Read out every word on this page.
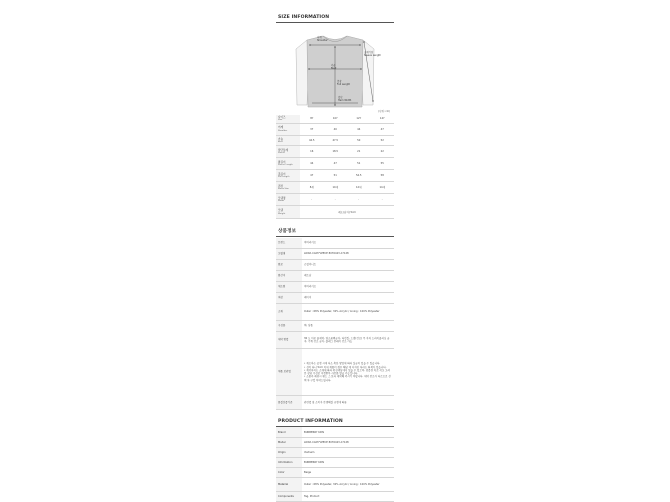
SIZE INFORMATION

어깨
Shoulder
소매기장
Sleeve Length
가슴
Bust
총장
Full Length
밑단
Hem Width
(단위: cm)
사이즈
Size	8Y	10Y	12Y	14Y

어깨
Shoulder	37	40	44	47

가슴
Bust	44.5	47.5	50	52

밑단둘레
Sleeve	16	18.5	21	22

팔길이
Sleeve Length	44	47	51	55

총길이
Full Length	47	51	54.5	58

권장
Korea Size	8세	10세	12세	14세

모델명
Model	-	-	-	-

모델
Weight	배도(남자) 5cm			

상품정보

브랜드	버버리키즈
모델명	LOWA CAM FLEECE 8076423 A7128
원료	근협의니트
원산지	베트남
제조원	버버리키즈
색상	베이지
소재	Outer : 68% Polyester, 32% Acrylic / Lining : 100% Polyester
구성품	택, 상품
세탁 방법	30 도 미온 물세탁, 염소표백금지, 다림질, 드럼(건조) 무 자차 드라이클리닝 금지, 기계 건조 금지, 플래그 본래의 건조 가능
제품 보관법	• 제조하는 공정 시에 다소 축한 방향에 따라 실금이 있을 수 있습니다.
• 선의 다니 5cm 이내 제품의 경우 해당 제 디자인 처리는 회색가 있습니다.
• 제작하지는 소재에 따라 촉진색상에서 있을 수 있으며, 검증된 차로 식모 고려 분 상당 수선료 지정받아 사은품 발급 가능합니다.
• 소품과 배전시 헨드 스 보라 세탁해 주시기 바랍니다. 세탁 분조가 다르므로 선택 후 구입 부탁드립니다.
품질보증기준	관련법 및 소비자 분쟁해결 규정에 따름

PRODUCT INFORMATION

Brand	BURBERRY KIDS
Model	LOWA CAM FLEECE 8076423 A7128
Origin	Vietnam
Information	BURBERRY KIDS
Color	Beige
Material	Outer : 68% Polyester, 32% Acrylic / Lining : 100% Polyester
Components	Tag, Product
